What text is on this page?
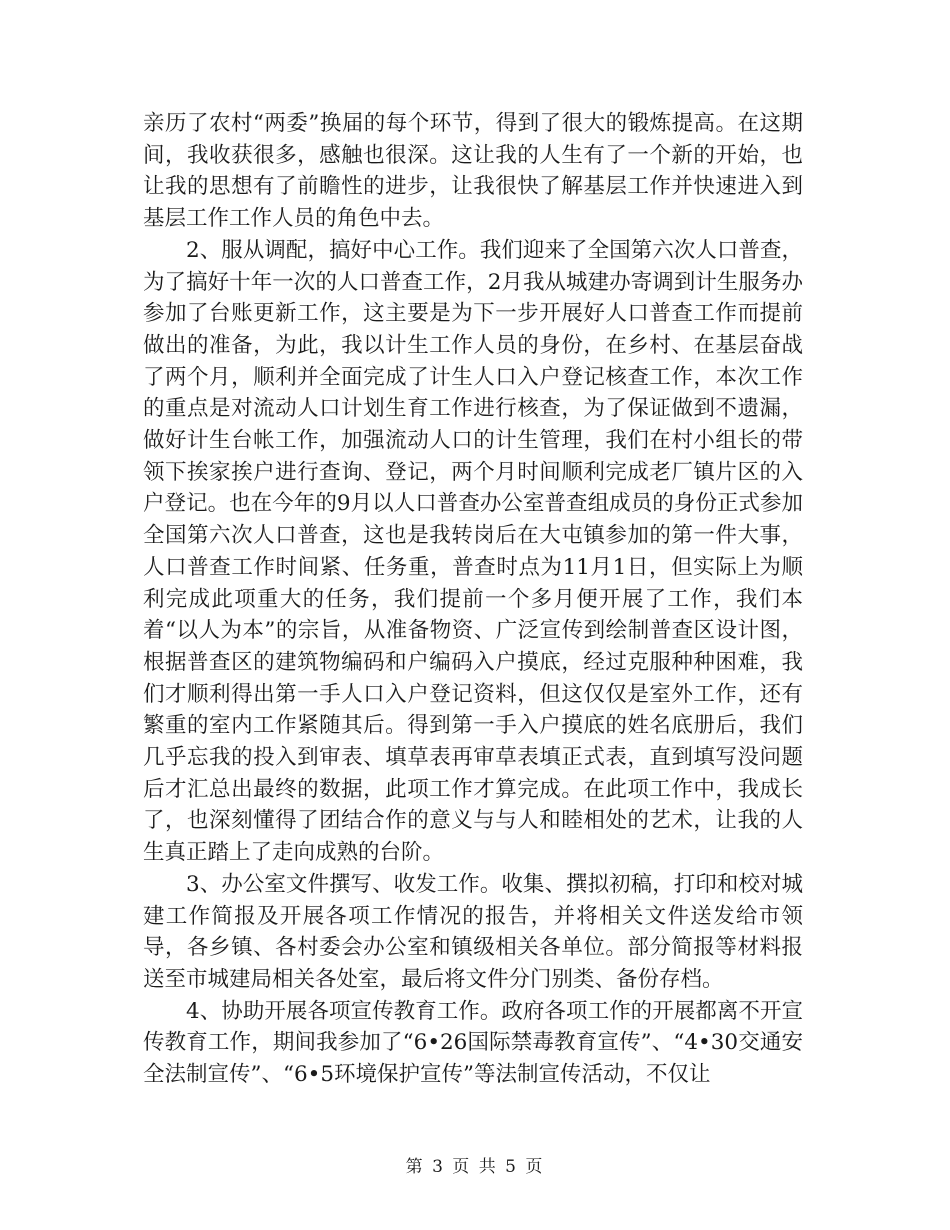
亲历了农村“两委”换届的每个环节，得到了很大的锻炼提高。在这期间，我收获很多，感触也很深。这让我的人生有了一个新的开始，也让我的思想有了前瞻性的进步，让我很快了解基层工作并快速进入到基层工作工作人员的角色中去。

2、服从调配，搞好中心工作。我们迎来了全国第六次人口普查，为了搞好十年一次的人口普查工作，2月我从城建办寄调到计生服务办参加了台账更新工作，这主要是为下一步开展好人口普查工作而提前做出的准备，为此，我以计生工作人员的身份，在乡村、在基层奋战了两个月，顺利并全面完成了计生人口入户登记核查工作，本次工作的重点是对流动人口计划生育工作进行核查，为了保证做到不遗漏，做好计生台帐工作，加强流动人口的计生管理，我们在村小组长的带领下挨家挨户进行查询、登记，两个月时间顺利完成老厂镇片区的入户登记。也在今年的9月以人口普查办公室普查组成员的身份正式参加全国第六次人口普查，这也是我转岗后在大屯镇参加的第一件大事，人口普查工作时间紧、任务重，普查时点为11月1日，但实际上为顺利完成此项重大的任务，我们提前一个多月便开展了工作，我们本着“以人为本”的宗旨，从准备物资、广泛宣传到绘制普查区设计图，根据普查区的建筑物编码和户编码入户摸底，经过克服种种困难，我们才顺利得出第一手人口入户登记资料，但这仅仅是室外工作，还有繁重的室内工作紧随其后。得到第一手入户摸底的姓名底册后，我们几乎忘我的投入到审表、填草表再审草表填正式表，直到填写没问题后才汇总出最终的数据，此项工作才算完成。在此项工作中，我成长了，也深刻懂得了团结合作的意义与与人和睦相处的艺术，让我的人生真正踏上了走向成熟的台阶。

3、办公室文件撰写、收发工作。收集、撰拟初稿，打印和校对城建工作简报及开展各项工作情况的报告，并将相关文件送发给市领导，各乡镇、各村委会办公室和镇级相关各单位。部分简报等材料报送至市城建局相关各处室，最后将文件分门别类、备份存档。

4、协助开展各项宣传教育工作。政府各项工作的开展都离不开宣传教育工作，期间我参加了“6•26国际禁毒教育宣传”、“4•30交通安全法制宣传”、“6•5环境保护宣传”等法制宣传活动，不仅让

第 3 页 共 5 页
